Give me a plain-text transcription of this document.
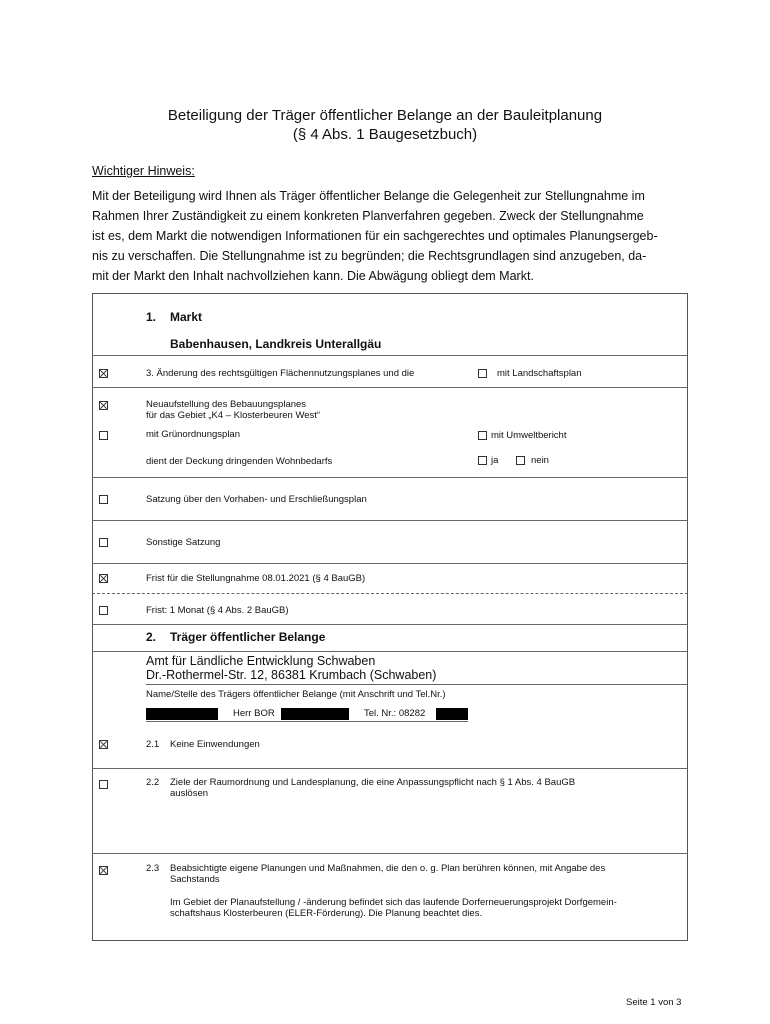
Beteiligung der Träger öffentlicher Belange an der Bauleitplanung
(§ 4 Abs. 1 Baugesetzbuch)
Wichtiger Hinweis:
Mit der Beteiligung wird Ihnen als Träger öffentlicher Belange die Gelegenheit zur Stellungnahme im
Rahmen Ihrer Zuständigkeit zu einem konkreten Planverfahren gegeben. Zweck der Stellungnahme
ist es, dem Markt die notwendigen Informationen für ein sachgerechtes und optimales Planungsergeb-
nis zu verschaffen. Die Stellungnahme ist zu begründen; die Rechtsgrundlagen sind anzugeben, da-
mit der Markt den Inhalt nachvollziehen kann. Die Abwägung obliegt dem Markt.
1. Markt
Babenhausen, Landkreis Unterallgäu
3. Änderung des rechtsgültigen Flächennutzungsplanes und die	mit Landschaftsplan
Neuaufstellung des Bebauungsplanes
für das Gebiet „K4 – Klosterbeuren West“
mit Grünordnungsplan	mit Umweltbericht
dient der Deckung dringenden Wohnbedarfs	ja	nein
Satzung über den Vorhaben- und Erschließungsplan
Sonstige Satzung
Frist für die Stellungnahme 08.01.2021 (§ 4 BauGB)
Frist: 1 Monat (§ 4 Abs. 2 BauGB)
2. Träger öffentlicher Belange
Amt für Ländliche Entwicklung Schwaben
Dr.-Rothermel-Str. 12, 86381 Krumbach (Schwaben)
Name/Stelle des Trägers öffentlicher Belange (mit Anschrift und Tel.Nr.)
Herr BOR	Tel. Nr.: 08282
2.1 Keine Einwendungen
2.2 Ziele der Raumordnung und Landesplanung, die eine Anpassungspflicht nach § 1 Abs. 4 BauGB
auslösen
2.3 Beabsichtigte eigene Planungen und Maßnahmen, die den o. g. Plan berühren können, mit Angabe des
Sachstands
Im Gebiet der Planaufstellung / -änderung befindet sich das laufende Dorferneuerungsprojekt Dorfgemein-
schaftshaus Klosterbeuren (ELER-Förderung). Die Planung beachtet dies.
Seite 1 von 3
